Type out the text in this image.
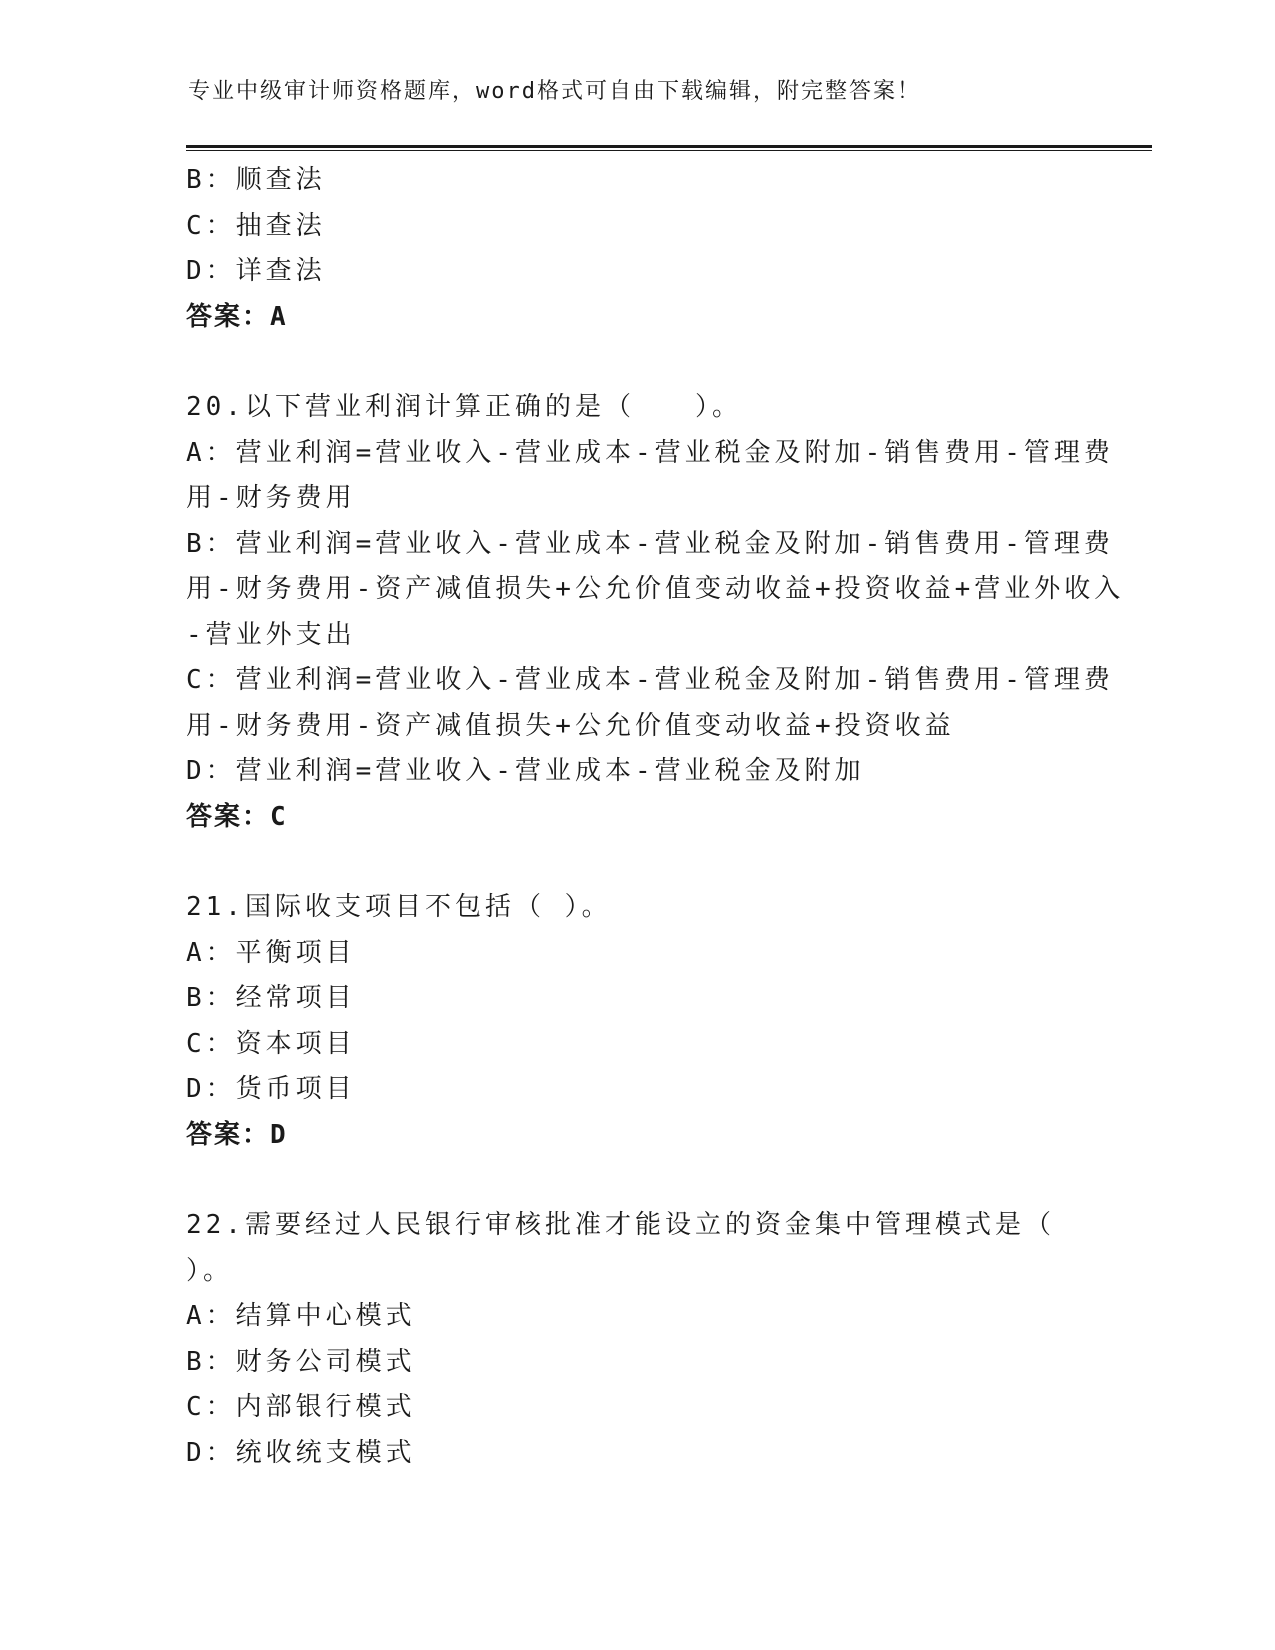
专业中级审计师资格题库，word格式可自由下载编辑，附完整答案！
B：顺查法
C：抽查法
D：详查法
答案：A
20.以下营业利润计算正确的是（　　）。
A：营业利润=营业收入-营业成本-营业税金及附加-销售费用-管理费
用-财务费用
B：营业利润=营业收入-营业成本-营业税金及附加-销售费用-管理费
用-财务费用-资产减值损失+公允价值变动收益+投资收益+营业外收入
-营业外支出
C：营业利润=营业收入-营业成本-营业税金及附加-销售费用-管理费
用-财务费用-资产减值损失+公允价值变动收益+投资收益
D：营业利润=营业收入-营业成本-营业税金及附加
答案：C
21.国际收支项目不包括（ ）。
A：平衡项目
B：经常项目
C：资本项目
D：货币项目
答案：D
22.需要经过人民银行审核批准才能设立的资金集中管理模式是（
）。
A：结算中心模式
B：财务公司模式
C：内部银行模式
D：统收统支模式
